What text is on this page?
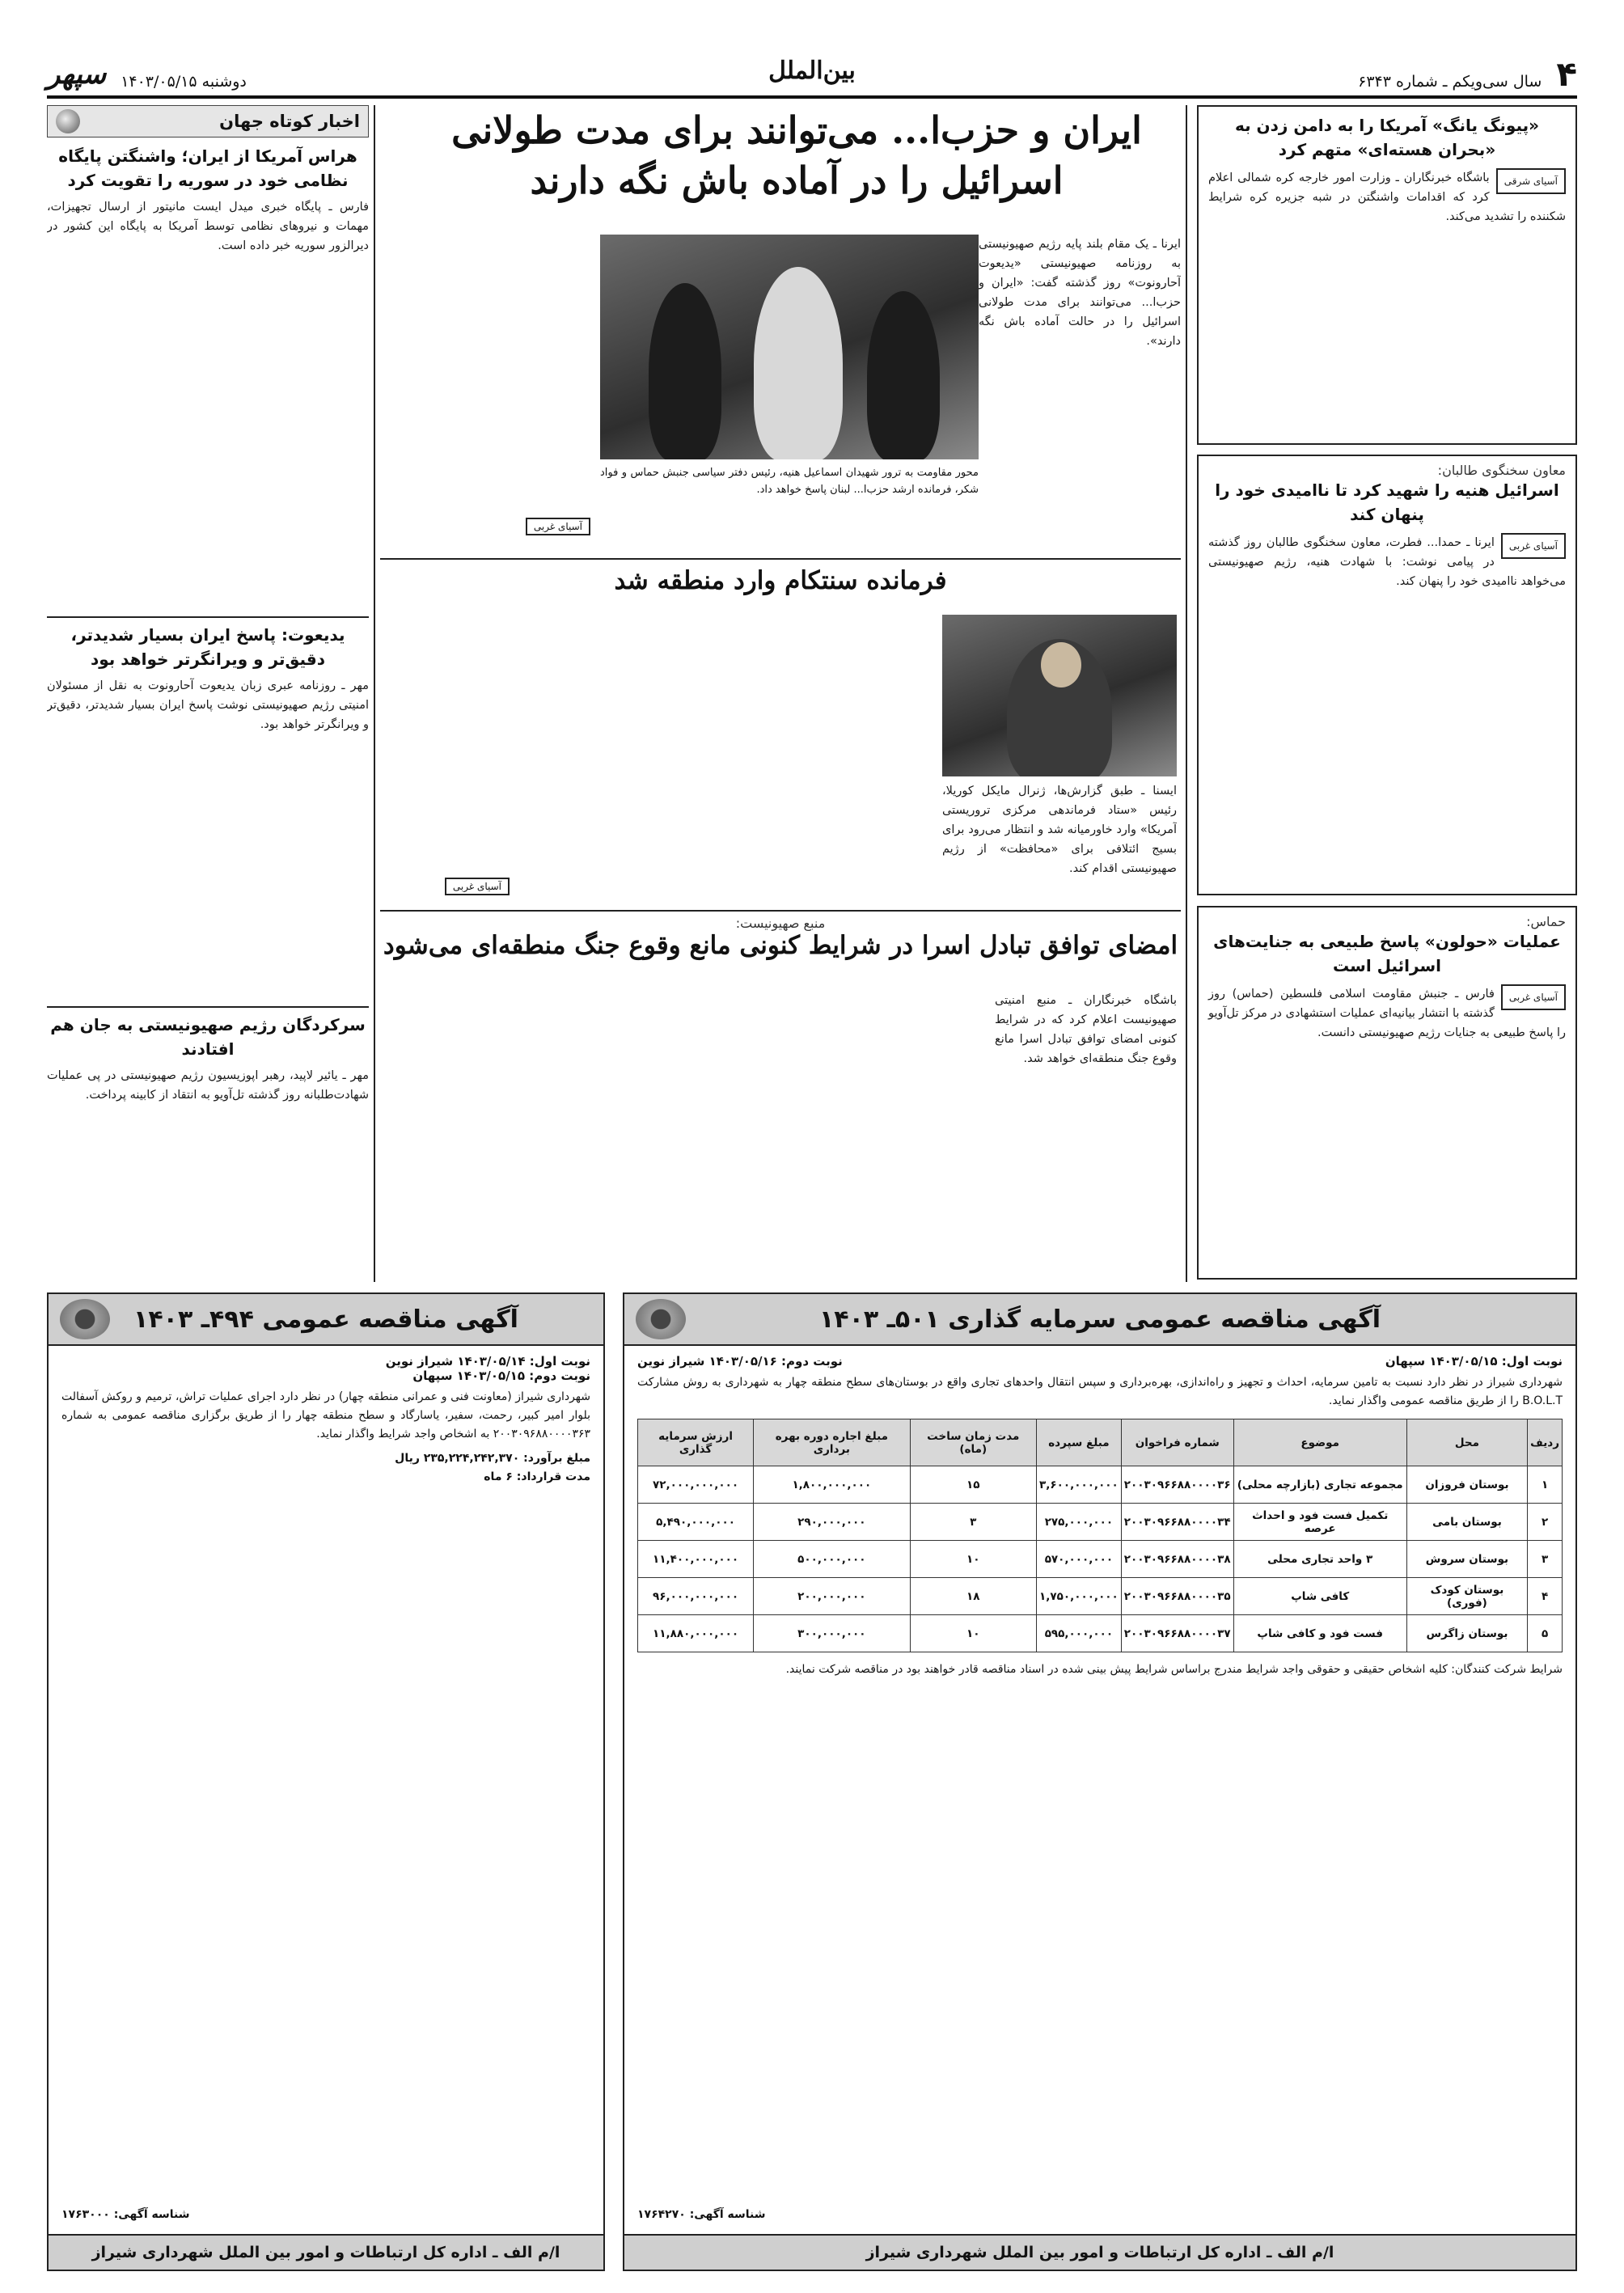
۴
سال سی‌ویکم ـ شماره ۶۳۴۳
بین‌الملل
دوشنبه ۱۴۰۳/۰۵/۱۵
سپهر
«پیونگ یانگ» آمریکا را به دامن زدن به «بحران هسته‌ای» متهم کرد
آسیای شرقی
باشگاه خبرنگاران ـ وزارت امور خارجه کره شمالی اعلام کرد که اقدامات واشنگتن در شبه جزیره کره شرایط شکننده را تشدید می‌کند.

معاون سخنگوی طالبان:
اسرائیل هنیه را شهید کرد تا ناامیدی خود را پنهان کند
آسیای غربی
ایرنا ـ حمدا... فطرت، معاون سخنگوی طالبان روز گذشته در پیامی نوشت: با شهادت هنیه، رژیم صهیونیستی می‌خواهد ناامیدی خود را پنهان کند.
حماس:
عملیات «حولون» پاسخ طبیعی به جنایت‌های اسرائیل است
آسیای غربی
فارس ـ جنبش مقاومت اسلامی فلسطین (حماس) روز گذشته با انتشار بیانیه‌ای عملیات استشهادی در مرکز تل‌آویو را پاسخ طبیعی به جنایات رژیم صهیونیستی دانست.
ایران و حزب‌ا... می‌توانند برای مدت طولانی اسرائیل را در آماده باش نگه دارند
ایرنا ـ یک مقام بلند پایه رژیم صهیونیستی به روزنامه صهیونیستی «یدیعوت آحارونوت» روز گذشته گفت: «ایران و حزب‌ا... می‌توانند برای مدت طولانی اسرائیل را در حالت آماده باش نگه دارند».
محور مقاومت به ترور شهیدان اسماعیل هنیه، رئیس دفتر سیاسی جنبش حماس و فواد شکر، فرمانده ارشد حزب‌ا... لبنان پاسخ خواهد داد.
آسیای غربی
فرمانده سنتکام وارد منطقه شد
ایسنا ـ طبق گزارش‌ها، ژنرال مایکل کوریلا، رئیس «ستاد فرماندهی مرکزی تروریستی آمریکا» وارد خاورمیانه شد و انتظار می‌رود برای بسیج ائتلافی برای «محافظت» از رژیم صهیونیستی اقدام کند.
آسیای غربی
منبع صهیونیست:
امضای توافق تبادل اسرا در شرایط کنونی مانع وقوع جنگ منطقه‌ای می‌شود
باشگاه خبرنگاران ـ منبع امنیتی صهیونیست اعلام کرد که در شرایط کنونی امضای توافق تبادل اسرا مانع وقوع جنگ منطقه‌ای خواهد شد.
اخبار کوتاه جهان
هراس آمریکا از ایران؛ واشنگتن پایگاه نظامی خود در سوریه را تقویت کرد
فارس ـ پایگاه خبری میدل ایست مانیتور از ارسال تجهیزات، مهمات و نیروهای نظامی توسط آمریکا به پایگاه این کشور در دیرالزور سوریه خبر داده است.
یدیعوت: پاسخ ایران بسیار شدیدتر، دقیق‌تر و ویرانگر‌تر خواهد بود
مهر ـ روزنامه عبری زبان یدیعوت آحارونوت به نقل از مسئولان امنیتی رژیم صهیونیستی نوشت پاسخ ایران بسیار شدیدتر، دقیق‌تر و ویرانگر‌تر خواهد بود.
سرکردگان رژیم صهیونیستی به جان هم افتادند
مهر ـ یائیر لاپید، رهبر اپوزیسیون رژیم صهیونیستی در پی عملیات شهادت‌طلبانه روز گذشته تل‌آویو به انتقاد از کابینه پرداخت.
آگهی مناقصه عمومی سرمایه گذاری ۵۰۱ـ ۱۴۰۳
نوبت اول: ۱۴۰۳/۰۵/۱۵ سپهان
نوبت دوم: ۱۴۰۳/۰۵/۱۶ شیراز نوین
شهرداری شیراز در نظر دارد نسبت به تامین سرمایه، احداث و تجهیز و راه‌اندازی، بهره‌برداری و سپس انتقال واحدهای تجاری واقع در بوستان‌های سطح منطقه چهار به شهرداری به روش مشارکت B.O.L.T را از طریق مناقصه عمومی واگذار نماید.
ردیف	محل	موضوع	شماره فراخوان	مبلغ سپرده	مدت زمان ساخت (ماه)	مبلغ اجاره دوره بهره برداری	ارزش سرمایه گذاری
۱	بوستان فروزان	مجموعه تجاری (بازارچه محلی)	۲۰۰۳۰۹۶۶۸۸۰۰۰۰۳۶	۳,۶۰۰,۰۰۰,۰۰۰	۱۵	۱,۸۰۰,۰۰۰,۰۰۰	۷۲,۰۰۰,۰۰۰,۰۰۰
۲	بوستان بامی	تکمیل فست فود و احداث عرصه	۲۰۰۳۰۹۶۶۸۸۰۰۰۰۳۴	۲۷۵,۰۰۰,۰۰۰	۳	۲۹۰,۰۰۰,۰۰۰	۵,۴۹۰,۰۰۰,۰۰۰
۳	بوستان سروش	۳ واحد تجاری محلی	۲۰۰۳۰۹۶۶۸۸۰۰۰۰۳۸	۵۷۰,۰۰۰,۰۰۰	۱۰	۵۰۰,۰۰۰,۰۰۰	۱۱,۴۰۰,۰۰۰,۰۰۰
۴	بوستان کودک (فوری)	کافی شاپ	۲۰۰۳۰۹۶۶۸۸۰۰۰۰۳۵	۱,۷۵۰,۰۰۰,۰۰۰	۱۸	۲۰۰,۰۰۰,۰۰۰	۹۶,۰۰۰,۰۰۰,۰۰۰
۵	بوستان زاگرس	فست فود و کافی شاپ	۲۰۰۳۰۹۶۶۸۸۰۰۰۰۳۷	۵۹۵,۰۰۰,۰۰۰	۱۰	۳۰۰,۰۰۰,۰۰۰	۱۱,۸۸۰,۰۰۰,۰۰۰
شرایط شرکت کنندگان: کلیه اشخاص حقیقی و حقوقی واجد شرایط مندرج براساس شرایط پیش بینی شده در اسناد مناقصه قادر خواهند بود در مناقصه شرکت نمایند.
شناسه آگهی: ۱۷۶۴۲۷۰
ا/م الف ـ اداره کل ارتباطات و امور بین الملل شهرداری شیراز
آگهی مناقصه عمومی ۴۹۴ـ ۱۴۰۳
نوبت اول: ۱۴۰۳/۰۵/۱۴ شیراز نوین
نوبت دوم: ۱۴۰۳/۰۵/۱۵ سپهان
شهرداری شیراز (معاونت فنی و عمرانی منطقه چهار) در نظر دارد اجرای عملیات تراش، ترمیم و روکش آسفالت بلوار امیر کبیر، رحمت، سفیر، یاسارگاد و سطح منطقه چهار را از طریق برگزاری مناقصه عمومی به شماره ۲۰۰۳۰۹۶۸۸۰۰۰۰۳۶۳ به اشخاص واجد شرایط واگذار نماید.
مبلغ برآورد: ۲۳۵,۲۲۴,۲۴۲,۳۷۰ ریال
مدت قرارداد: ۶ ماه
شناسه آگهی: ۱۷۶۳۰۰۰
ا/م الف ـ اداره کل ارتباطات و امور بین الملل شهرداری شیراز
